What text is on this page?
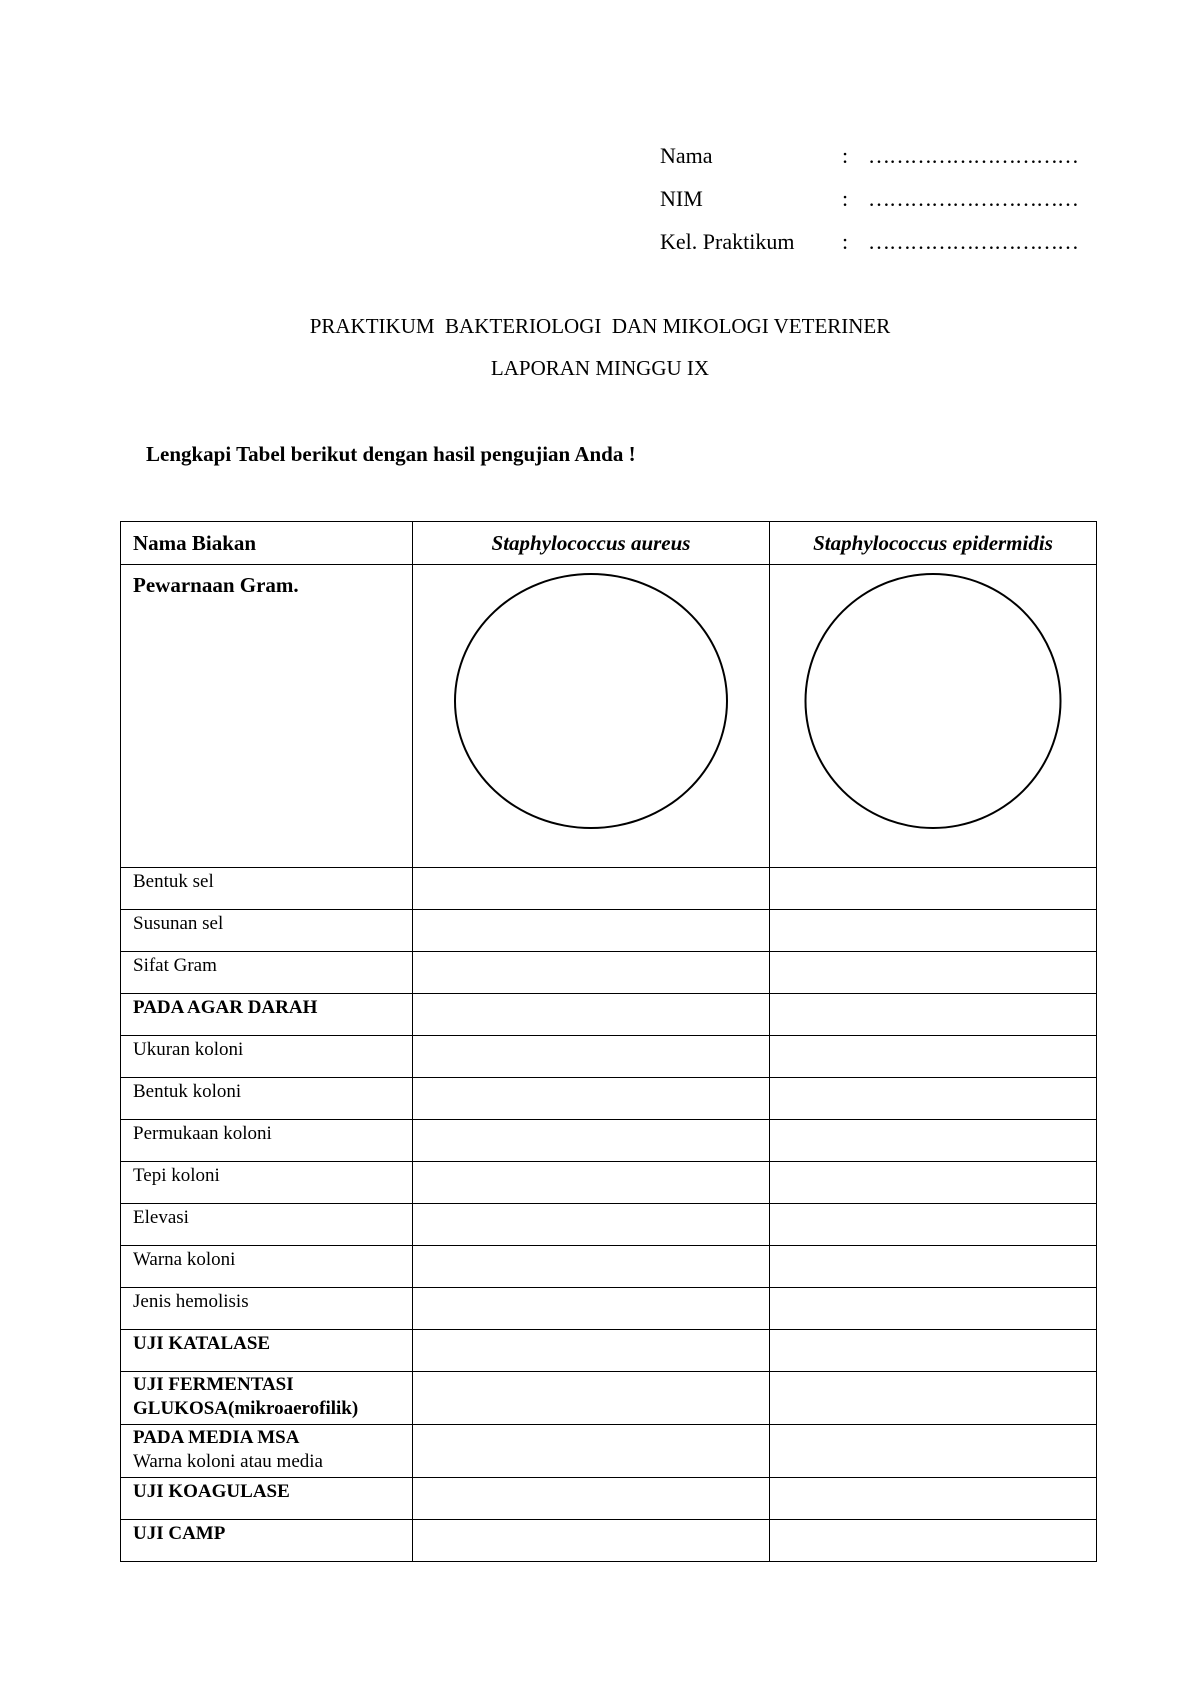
Nama	: …………………………
NIM	: …………………………
Kel. Praktikum : …………………………
PRAKTIKUM  BAKTERIOLOGI  DAN MIKOLOGI VETERINER
LAPORAN MINGGU IX
Lengkapi Tabel berikut dengan hasil pengujian Anda !
Nama Biakan	Staphylococcus aureus	Staphylococcus epidermidis
Pewarnaan Gram.	

Bentuk sel		
Susunan sel		
Sifat Gram		
PADA AGAR DARAH		
Ukuran koloni		
Bentuk koloni		
Permukaan koloni		
Tepi koloni		
Elevasi		
Warna koloni		
Jenis hemolisis		
UJI KATALASE		
UJI FERMENTASI GLUKOSA(mikroaerofilik)		
PADA MEDIA MSA
Warna koloni atau media		
UJI KOAGULASE		
UJI CAMP		
